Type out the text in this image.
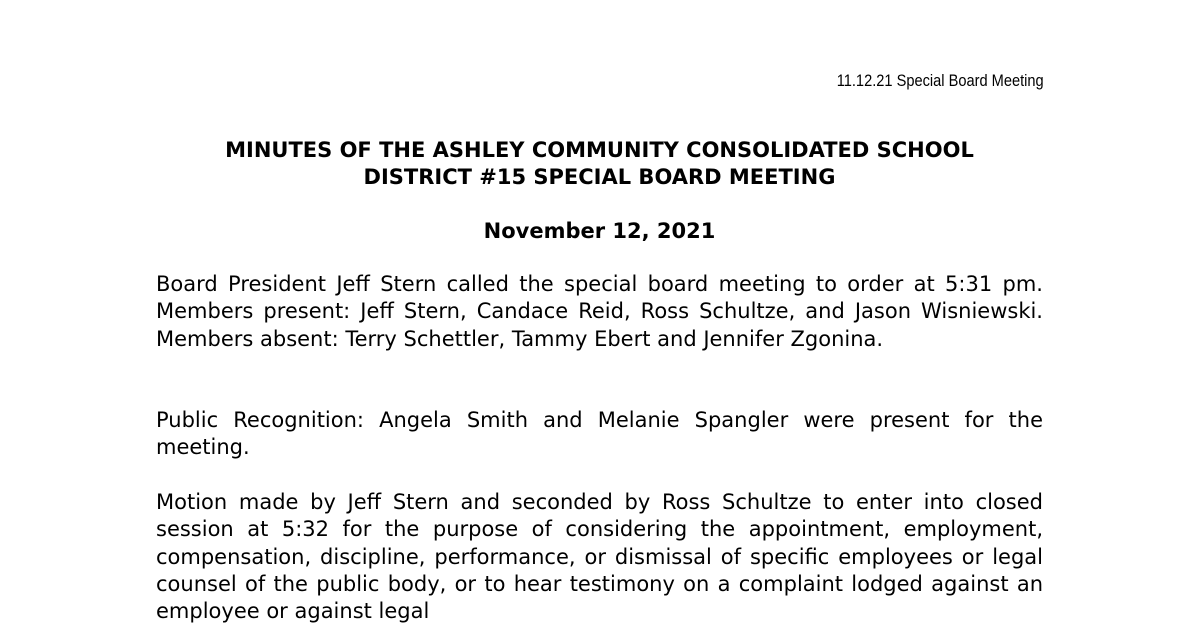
11.12.21 Special Board Meeting
MINUTES OF THE ASHLEY COMMUNITY CONSOLIDATED SCHOOL
DISTRICT #15 SPECIAL BOARD MEETING
November 12, 2021

Board President Jeff Stern called the special board meeting to order at 5:31 pm. Members present: Jeff Stern, Candace Reid, Ross Schultze, and Jason Wisniewski. Members absent: Terry Schettler, Tammy Ebert and Jennifer Zgonina.

Public Recognition: Angela Smith and Melanie Spangler were present for the meeting.

Motion made by Jeff Stern and seconded by Ross Schultze to enter into closed session at 5:32 for the purpose of considering the appointment, employment, compensation, discipline, performance, or dismissal of specific employees or legal counsel of the public body, or to hear testimony on a complaint lodged against an employee or against legal
